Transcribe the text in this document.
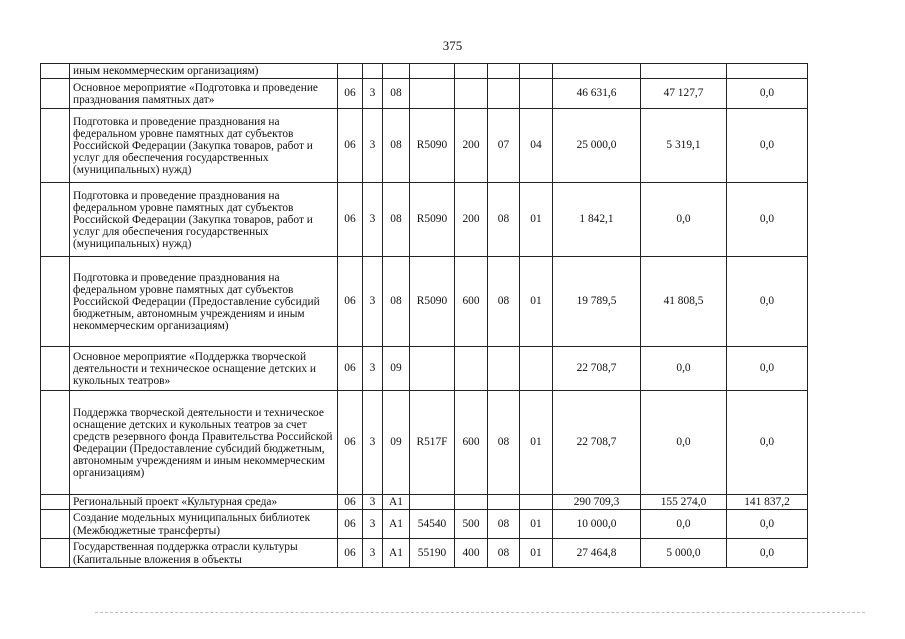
375
	иным некоммерческим организациям)										
	Основное мероприятие «Подготовка и проведение празднования памятных дат»	06	3	08					46 631,6	47 127,7	0,0
	Подготовка и проведение празднования на федеральном уровне памятных дат субъектов Российской Федерации (Закупка товаров, работ и услуг для обеспечения государственных (муниципальных) нужд)	06	3	08	R5090	200	07	04	25 000,0	5 319,1	0,0
	Подготовка и проведение празднования на федеральном уровне памятных дат субъектов Российской Федерации (Закупка товаров, работ и услуг для обеспечения государственных (муниципальных) нужд)	06	3	08	R5090	200	08	01	1 842,1	0,0	0,0
	Подготовка и проведение празднования на федеральном уровне памятных дат субъектов Российской Федерации (Предоставление субсидий бюджетным, автономным учреждениям и иным некоммерческим организациям)	06	3	08	R5090	600	08	01	19 789,5	41 808,5	0,0
	Основное мероприятие «Поддержка творческой деятельности и техническое оснащение детских и кукольных театров»	06	3	09					22 708,7	0,0	0,0
	Поддержка творческой деятельности и техническое оснащение детских и кукольных театров за счет средств резервного фонда Правительства Российской Федерации (Предоставление субсидий бюджетным, автономным учреждениям и иным некоммерческим организациям)	06	3	09	R517F	600	08	01	22 708,7	0,0	0,0
	Региональный проект «Культурная среда»	06	3	А1					290 709,3	155 274,0	141 837,2
	Создание модельных муниципальных библиотек (Межбюджетные трансферты)	06	3	А1	54540	500	08	01	10 000,0	0,0	0,0
	Государственная поддержка отрасли культуры (Капитальные вложения в объекты	06	3	А1	55190	400	08	01	27 464,8	5 000,0	0,0
